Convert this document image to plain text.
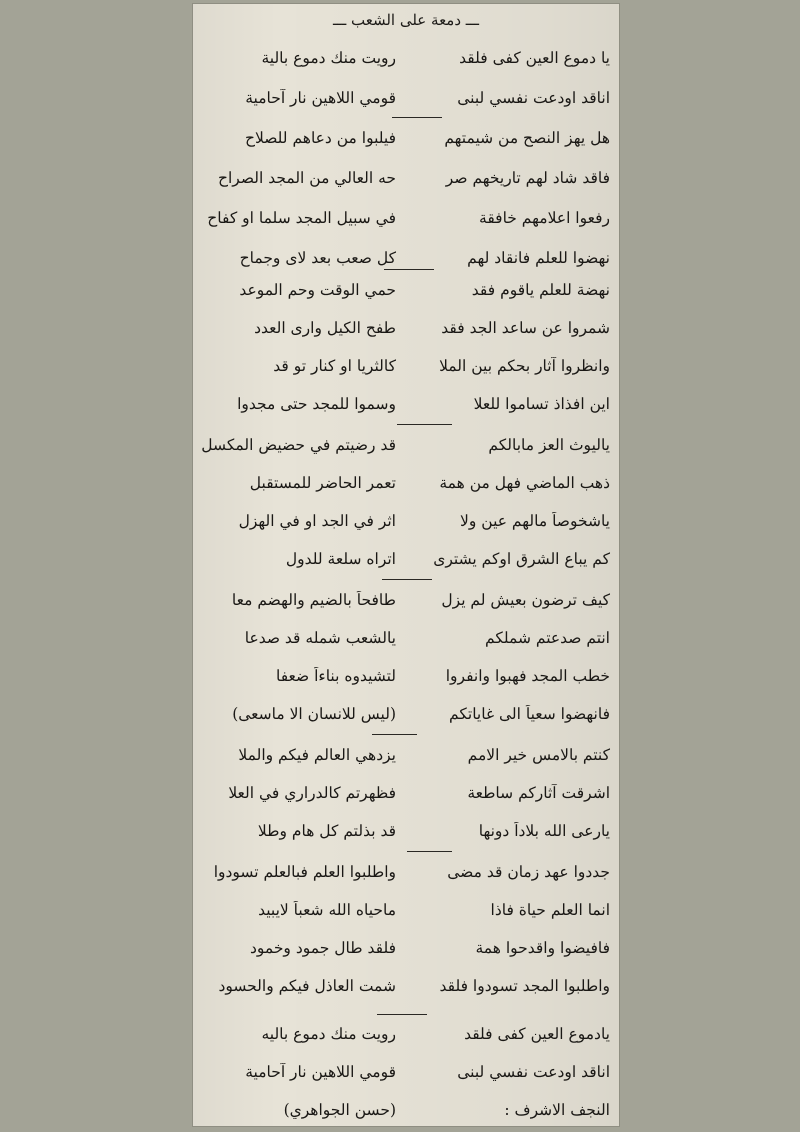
ـــ دمعة على الشعب ـــ
يا دموع العين كفى فلقد
رويت منك دموع بالية
اناقد اودعت نفسي لبنى
قومي اللاهين نار آحامية
هل يهز النصح من شيمتهم
فيلبوا من دعاهم للصلاح
فاقد شاد لهم تاريخهم صر
حه العالي من المجد الصراح
رفعوا اعلامهم خافقة
في سبيل المجد سلما او كفاح
نهضوا للعلم فانقاد لهم
كل صعب بعد لاى وجماح
نهضة للعلم ياقوم فقد
حمي الوقت وحم الموعد
شمروا عن ساعد الجد فقد
طفح الكيل وارى العدد
وانظروا آثار بحكم بين الملا
كالثريا او كنار تو قد
اين افذاذ تساموا للعلا
وسموا للمجد حتى مجدوا
ياليوث العز مابالكم
قد رضيتم في حضيض المكسل
ذهب الماضي فهل من همة
تعمر الحاضر للمستقبل
ياشخوصاً مالهم عين ولا
اثر في الجد او في الهزل
كم يباع الشرق اوكم يشترى
اتراه سلعة للدول
كيف ترضون بعيش لم يزل
طافحاً بالضيم والهضم معا
انتم صدعتم شملكم
يالشعب شمله قد صدعا
خطب المجد فهبوا وانفروا
لتشيدوه بناءاً ضعفا
فانهضوا سعياً الى غاياتكم
(ليس للانسان الا ماسعى)
كنتم بالامس خير الامم
يزدهي العالم فيكم والملا
اشرقت آثاركم ساطعة
فظهرتم كالدراري في العلا
يارعى الله بلاداً دونها
قد بذلتم كل هام وطلا
جددوا عهد زمان قد مضى
واطلبوا العلم فبالعلم تسودوا
انما العلم حياة فاذا
ماحياه الله شعباً لايبيد
فافيضوا واقدحوا همة
فلقد طال جمود وخمود
واطلبوا المجد تسودوا فلقد
شمت العاذل فيكم والحسود
يادموع العين كفى فلقد
رويت منك دموع باليه
اناقد اودعت نفسي لبنى
قومي اللاهين نار آحامية
النجف الاشرف :
(حسن الجواهري)
